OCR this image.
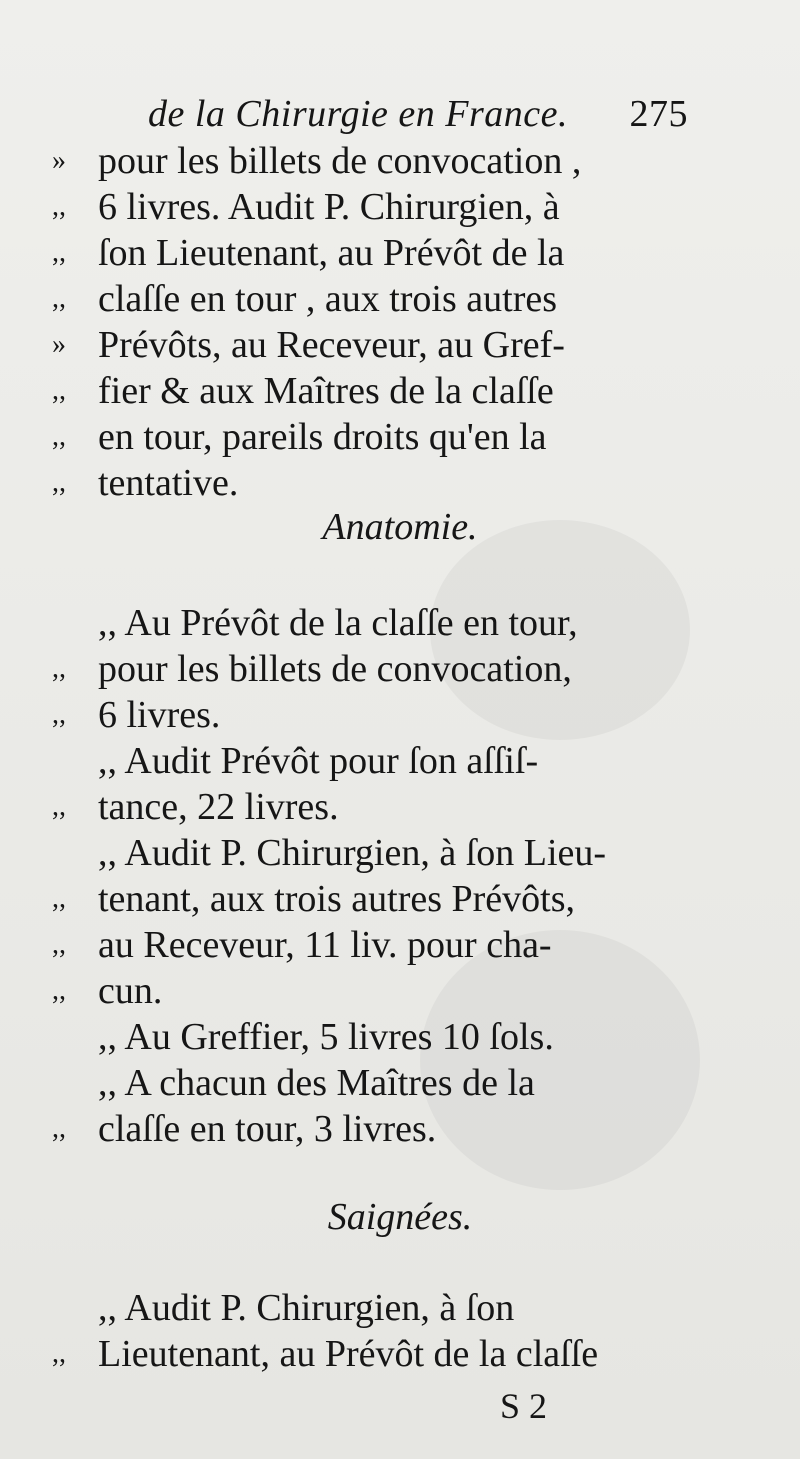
de la Chirurgie en France. 275
» pour les billets de convocation ,
,, 6 livres. Audit P. Chirurgien, à
,, ſon Lieutenant, au Prévôt de la
,, claſſe en tour , aux trois autres
» Prévôts, au Receveur, au Gref-
,, fier & aux Maîtres de la claſſe
,, en tour, pareils droits qu'en la
,, tentative.
Anatomie.
,, Au Prévôt de la claſſe en tour,
,, pour les billets de convocation,
,, 6 livres.
,, Audit Prévôt pour ſon aſſiſ-
,, tance, 22 livres.
,, Audit P. Chirurgien, à ſon Lieu-
,, tenant, aux trois autres Prévôts,
,, au Receveur, 11 liv. pour cha-
,, cun.
,, Au Greffier, 5 livres 10 ſols.
,, A chacun des Maîtres de la
,, claſſe en tour, 3 livres.
Saignées.
,, Audit P. Chirurgien, à ſon
,, Lieutenant, au Prévôt de la claſſe
S 2
